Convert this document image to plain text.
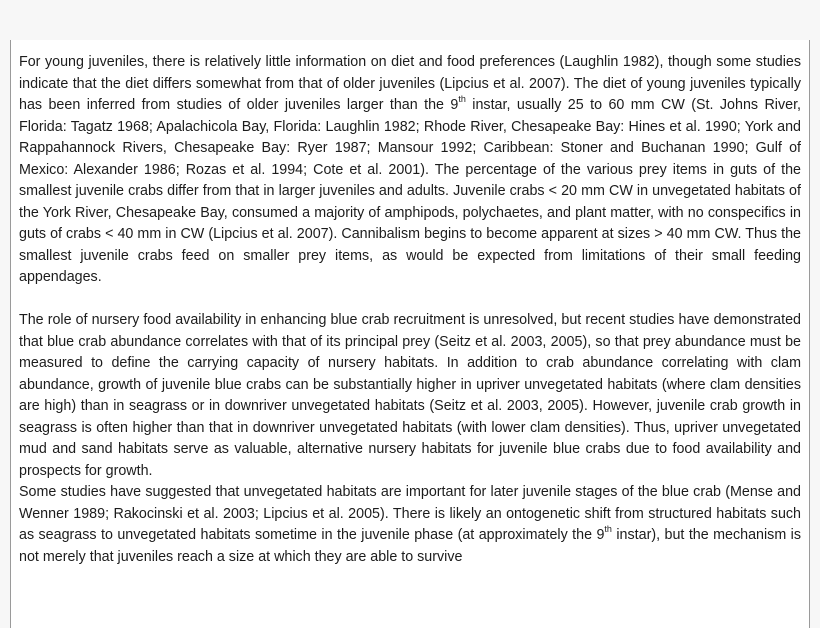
For young juveniles, there is relatively little information on diet and food preferences (Laughlin 1982), though some studies indicate that the diet differs somewhat from that of older juveniles (Lipcius et al. 2007). The diet of young juveniles typically has been inferred from studies of older juveniles larger than the 9th instar, usually 25 to 60 mm CW (St. Johns River, Florida: Tagatz 1968; Apalachicola Bay, Florida: Laughlin 1982; Rhode River, Chesapeake Bay: Hines et al. 1990; York and Rappahannock Rivers, Chesapeake Bay: Ryer 1987; Mansour 1992; Caribbean: Stoner and Buchanan 1990; Gulf of Mexico: Alexander 1986; Rozas et al. 1994; Cote et al. 2001). The percentage of the various prey items in guts of the smallest juvenile crabs differ from that in larger juveniles and adults. Juvenile crabs < 20 mm CW in unvegetated habitats of the York River, Chesapeake Bay, consumed a majority of amphipods, polychaetes, and plant matter, with no conspecifics in guts of crabs < 40 mm in CW (Lipcius et al. 2007). Cannibalism begins to become apparent at sizes > 40 mm CW. Thus the smallest juvenile crabs feed on smaller prey items, as would be expected from limitations of their small feeding appendages.

The role of nursery food availability in enhancing blue crab recruitment is unresolved, but recent studies have demonstrated that blue crab abundance correlates with that of its principal prey (Seitz et al. 2003, 2005), so that prey abundance must be measured to define the carrying capacity of nursery habitats. In addition to crab abundance correlating with clam abundance, growth of juvenile blue crabs can be substantially higher in upriver unvegetated habitats (where clam densities are high) than in seagrass or in downriver unvegetated habitats (Seitz et al. 2003, 2005). However, juvenile crab growth in seagrass is often higher than that in downriver unvegetated habitats (with lower clam densities). Thus, upriver unvegetated mud and sand habitats serve as valuable, alternative nursery habitats for juvenile blue crabs due to food availability and prospects for growth.

Some studies have suggested that unvegetated habitats are important for later juvenile stages of the blue crab (Mense and Wenner 1989; Rakocinski et al. 2003; Lipcius et al. 2005). There is likely an ontogenetic shift from structured habitats such as seagrass to unvegetated habitats sometime in the juvenile phase (at approximately the 9th instar), but the mechanism is not merely that juveniles reach a size at which they are able to survive
